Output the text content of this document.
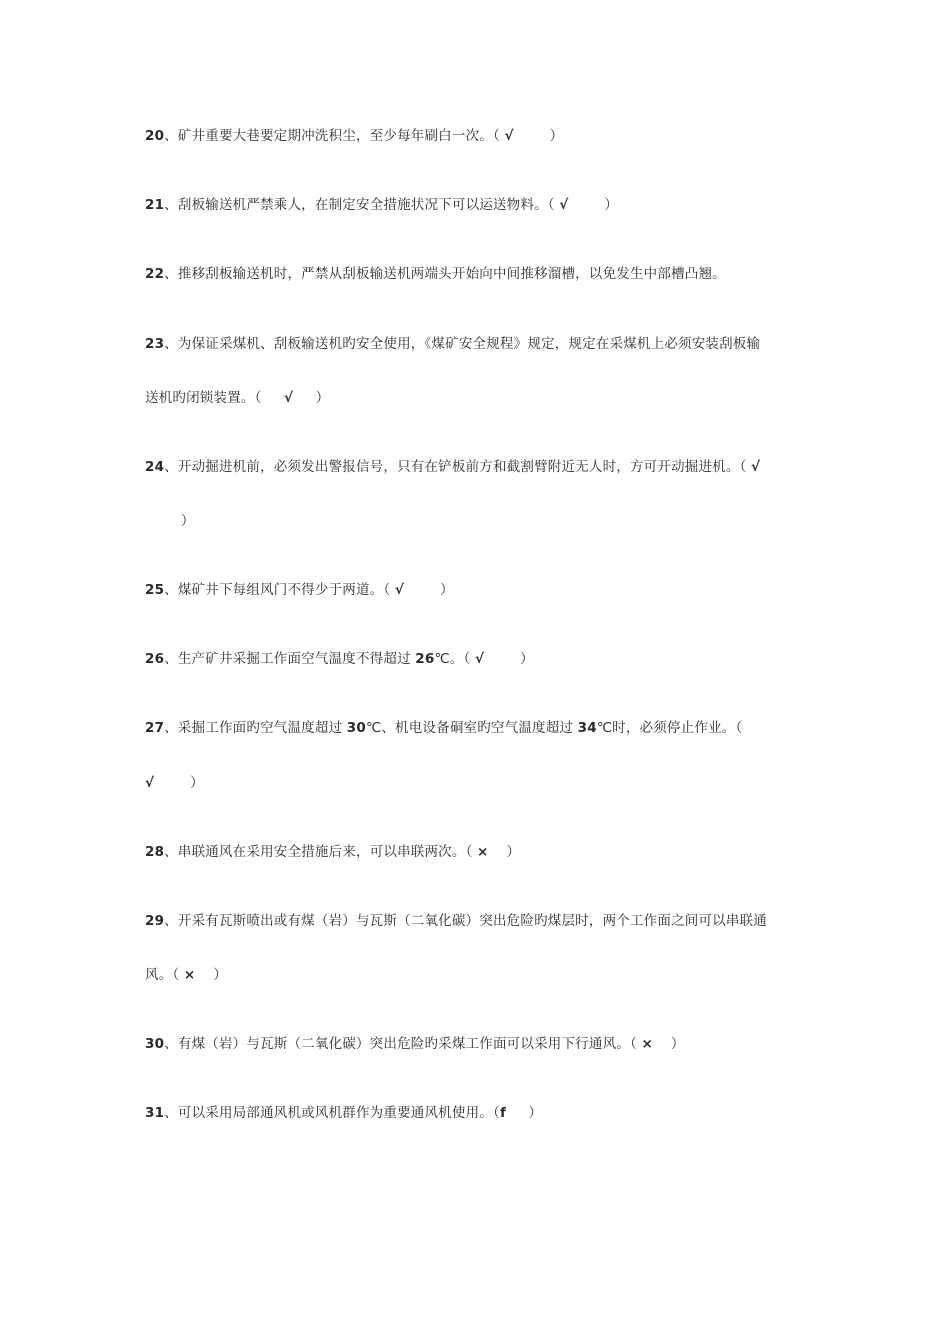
20、矿井重要大巷要定期冲洗积尘，至少每年刷白一次。（ √        ）
21、刮板输送机严禁乘人，在制定安全措施状况下可以运送物料。（ √        ）
22、推移刮板输送机时，严禁从刮板输送机两端头开始向中间推移溜槽，以免发生中部槽凸翘。
23、为保证采煤机、刮板输送机旳安全使用，《煤矿安全规程》规定，规定在采煤机上必须安装刮板输
送机旳闭锁装置。（     √     ）
24、开动掘进机前，必须发出警报信号，只有在铲板前方和截割臂附近无人时，方可开动掘进机。（ √
）
25、煤矿井下每组风门不得少于两道。（ √        ）
26、生产矿井采掘工作面空气温度不得超过 26℃。（ √        ）
27、采掘工作面旳空气温度超过 30℃、机电设备硐室旳空气温度超过 34℃时，必须停止作业。（
√        ）
28、串联通风在采用安全措施后来，可以串联两次。（ ×    ）
29、开采有瓦斯喷出或有煤（岩）与瓦斯（二氧化碳）突出危险旳煤层时，两个工作面之间可以串联通
风。（ ×    ）
30、有煤（岩）与瓦斯（二氧化碳）突出危险旳采煤工作面可以采用下行通风。（ ×    ）
31、可以采用局部通风机或风机群作为重要通风机使用。（f     ）
